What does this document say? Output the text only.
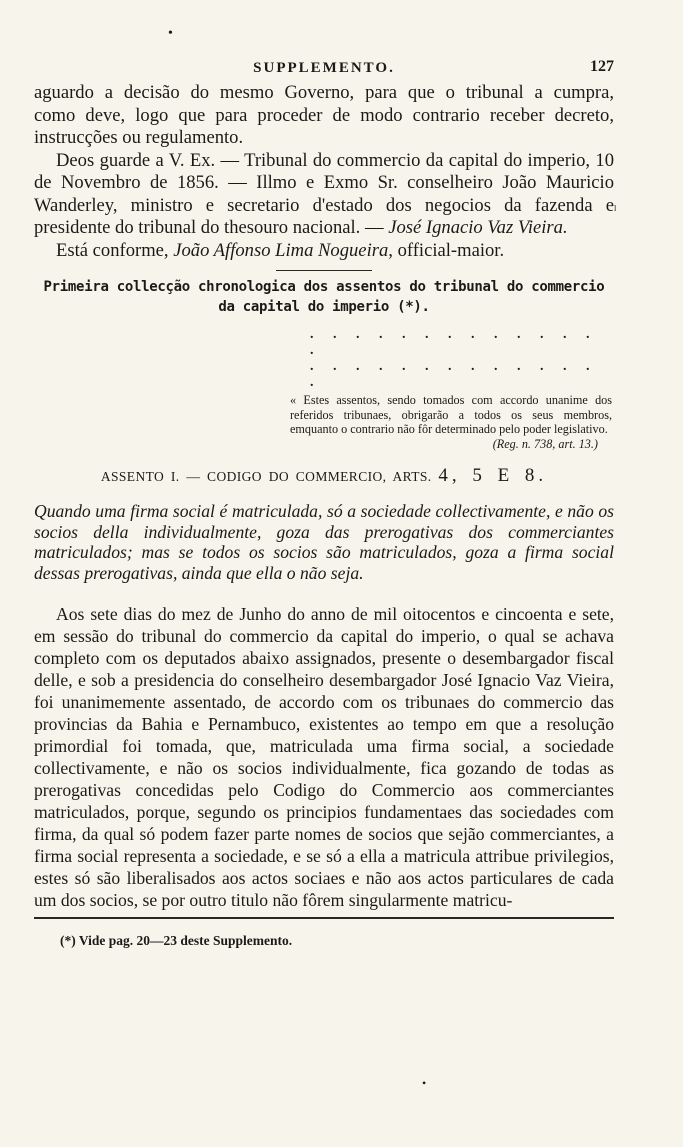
•
ˡ
SUPPLEMENTO.	127

aguardo a decisão do mesmo Governo, para que o tribunal a cumpra,

como deve, logo que para proceder de modo contrario receber decreto,

instrucções ou regulamento.

Deos guarde a V. Ex. — Tribunal do commercio da capital do imperio, 10 de Novembro de 1856. — Illmo e Exmo Sr. conselheiro João Mauricio Wanderley, ministro e secretario d'estado dos negocios da fazenda e presidente do tribunal do thesouro nacional. — José Ignacio Vaz Vieira.

Está conforme, João Affonso Lima Nogueira, official-maior.

Primeira collecção chronologica dos assentos do tribunal do commercio
da capital do imperio (*).
. . . . . . . . . . . . . .
. . . . . . . . . . . . . .
« Estes assentos, sendo tomados com accordo unanime dos referidos tribunaes, obrigarão a todos os seus membros, emquanto o contrario não fôr determinado pelo poder legislativo.
(Reg. n. 738, art. 13.)
ASSENTO I. — CODIGO DO COMMERCIO, ARTS. 4, 5 E 8.
Quando uma firma social é matriculada, só a sociedade collectivamente, e não os socios della individualmente, goza das prerogativas dos commerciantes matriculados; mas se todos os socios são matriculados, goza a firma social dessas prerogativas, ainda que ella o não seja.

Aos sete dias do mez de Junho do anno de mil oitocentos e cincoenta e sete, em sessão do tribunal do commercio da capital do imperio, o qual se achava completo com os deputados abaixo assignados, presente o desembargador fiscal delle, e sob a presidencia do conselheiro desembargador José Ignacio Vaz Vieira, foi unanimemente assentado, de accordo com os tribunaes do commercio das provincias da Bahia e Pernambuco, existentes ao tempo em que a resolução primordial foi tomada, que, matriculada uma firma social, a sociedade collectivamente, e não os socios individualmente, fica gozando de todas as prerogativas concedidas pelo Codigo do Commercio aos commerciantes matriculados, porque, segundo os principios fundamentaes das sociedades com firma, da qual só podem fazer parte nomes de socios que sejão commerciantes, a firma social representa a sociedade, e se só a ella a matricula attribue privilegios, estes só são liberalisados aos actos sociaes e não aos actos particulares de cada um dos socios, se por outro titulo não fôrem singularmente matricu-

(*) Vide pag. 20—23 deste Supplemento.
•
